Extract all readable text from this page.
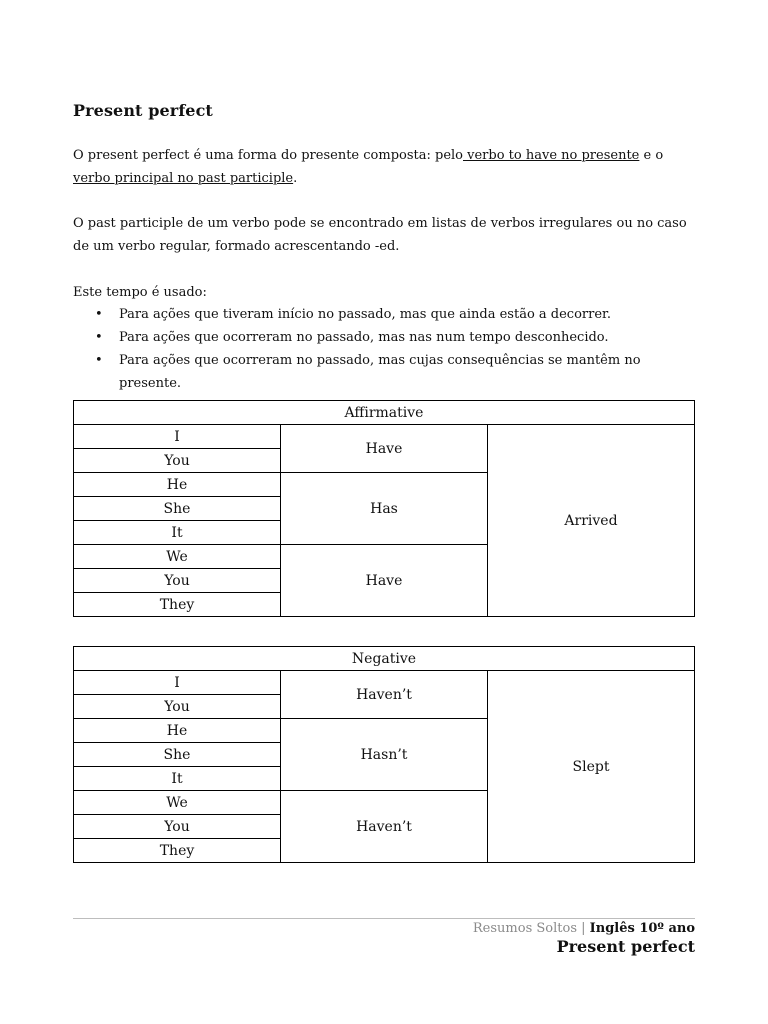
Present perfect

O present perfect é uma forma do presente composta: pelo verbo to have no presente e o verbo principal no past participle.

O past participle de um verbo pode se encontrado em listas de verbos irregulares ou no caso de um verbo regular, formado acrescentando -ed.

Este tempo é usado:

• Para ações que tiveram início no passado, mas que ainda estão a decorrer.
• Para ações que ocorreram no passado, mas nas num tempo desconhecido.
• Para ações que ocorreram no passado, mas cujas consequências se mantêm no presente.
Affirmative		
I	Have	Arrived
You		
He	Has	
She		
It		
We	Have	
You		
They		
Negative		
I	Haven’t	Slept
You		
He	Hasn’t	
She		
It		
We	Haven’t	
You		
They		
Resumos Soltos | Inglês 10º ano
Present perfect
